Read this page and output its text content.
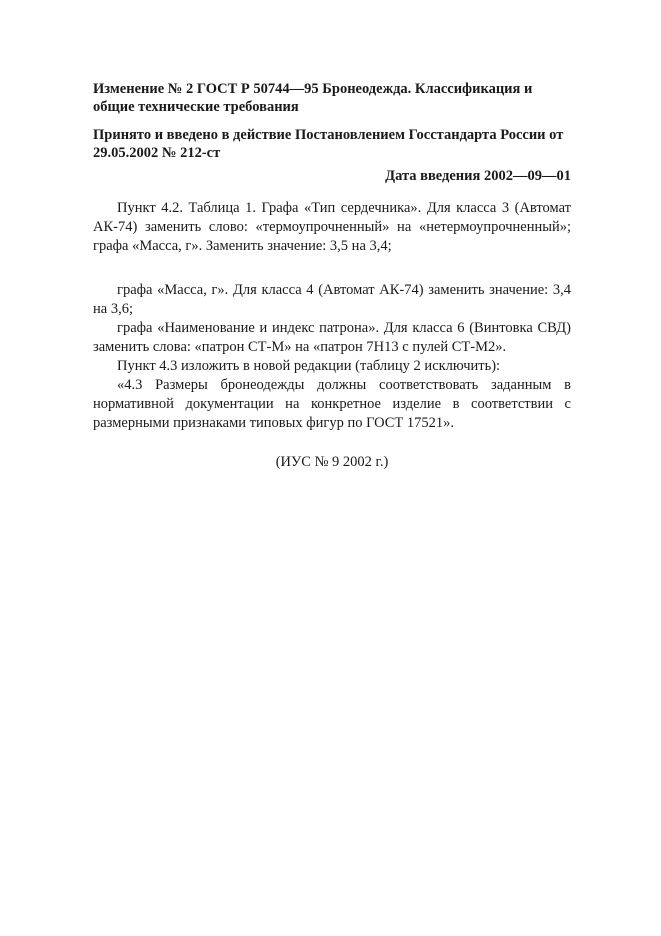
Изменение № 2 ГОСТ Р 50744—95 Бронеодежда. Классификация и общие технические требования

Принято и введено в действие Постановлением Госстандарта России от 29.05.2002 № 212-ст
Дата введения 2002—09—01

Пункт 4.2. Таблица 1. Графа «Тип сердечника». Для класса 3 (Автомат АК-74) заменить слово: «термоупрочненный» на «нетермоупрочненный»; графа «Масса, г». Заменить значение: 3,5 на 3,4;

графа «Масса, г». Для класса 4 (Автомат АК-74) заменить значение: 3,4 на 3,6;

графа «Наименование и индекс патрона». Для класса 6 (Винтовка СВД) заменить слова: «патрон СТ-М» на «патрон 7Н13 с пулей СТ-М2».

Пункт 4.3 изложить в новой редакции (таблицу 2 исключить):

«4.3 Размеры бронеодежды должны соответствовать заданным в нормативной документации на конкретное изделие в соответствии с размерными признаками типовых фигур по ГОСТ 17521».

(ИУС № 9 2002 г.)
